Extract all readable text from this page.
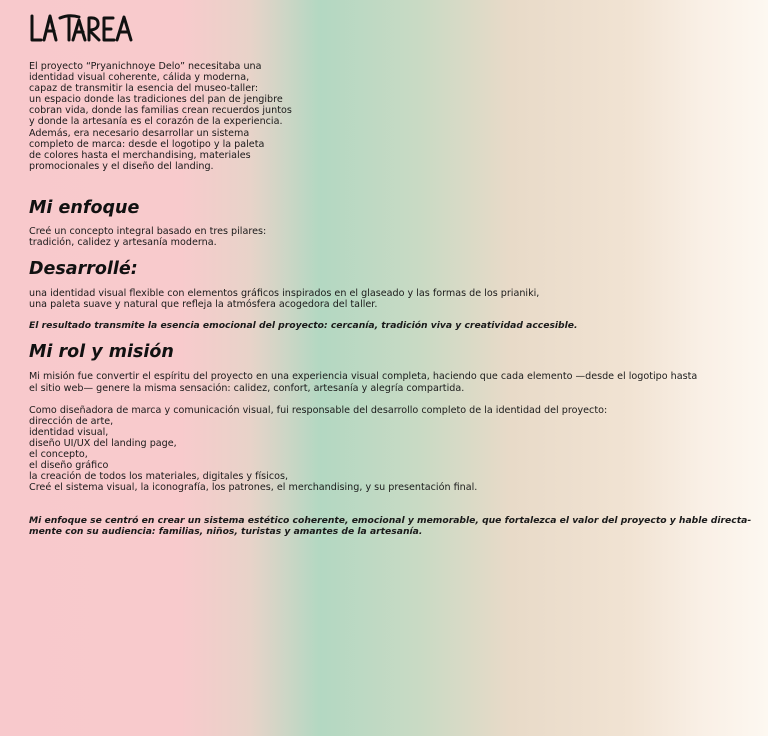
El proyecto “Pryanichnoye Delo” necesitaba una
identidad visual coherente, cálida y moderna,
capaz de transmitir la esencia del museo-taller:
un espacio donde las tradiciones del pan de jengibre
cobran vida, donde las familias crean recuerdos juntos
y donde la artesanía es el corazón de la experiencia.
Además, era necesario desarrollar un sistema
completo de marca: desde el logotipo y la paleta
de colores hasta el merchandising, materiales
promocionales y el diseño del landing.
Mi enfoque
Creé un concepto integral basado en tres pilares:
tradición, calidez y artesanía moderna.
Desarrollé:
una identidad visual flexible con elementos gráficos inspirados en el glaseado y las formas de los prianiki,
una paleta suave y natural que refleja la atmósfera acogedora del taller.
El resultado transmite la esencia emocional del proyecto: cercanía, tradición viva y creatividad accesible.
Mi rol y misión
Mi misión fue convertir el espíritu del proyecto en una experiencia visual completa, haciendo que cada elemento —desde el logotipo hasta
el sitio web— genere la misma sensación: calidez, confort, artesanía y alegría compartida.
Como diseñadora de marca y comunicación visual, fui responsable del desarrollo completo de la identidad del proyecto:
dirección de arte,
identidad visual,
diseño UI/UX del landing page,
el concepto,
el diseño gráfico
la creación de todos los materiales, digitales y físicos,
Creé el sistema visual, la iconografía, los patrones, el merchandising, y su presentación final.
Mi enfoque se centró en crear un sistema estético coherente, emocional y memorable, que fortalezca el valor del proyecto y hable directa-
mente con su audiencia: familias, niños, turistas y amantes de la artesanía.
